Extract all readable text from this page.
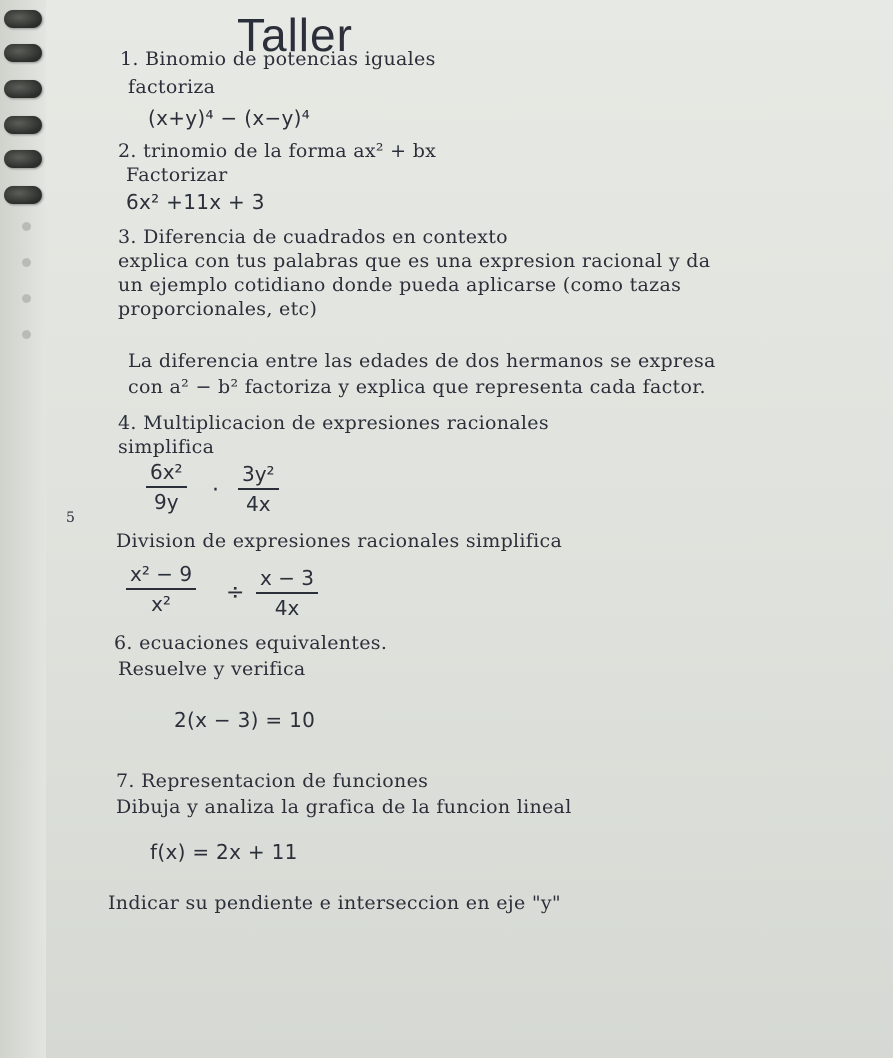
Taller
1. Binomio de potencias iguales
factoriza
(x+y)⁴ − (x−y)⁴
2. trinomio de la forma ax² + bx
Factorizar
6x² +11x + 3
3. Diferencia de cuadrados en contexto
explica con tus palabras que es una expresion racional y da
un ejemplo cotidiano donde pueda aplicarse (como tazas
proporcionales, etc)
La diferencia entre las edades de dos hermanos se expresa
con a² − b² factoriza y explica que representa cada factor.
4. Multiplicacion de expresiones racionales
simplifica
6x²
9y	·
3y²
4x
5
Division de expresiones racionales simplifica
x² − 9
x²	÷
x − 3
4x
6. ecuaciones equivalentes.
Resuelve y verifica
2(x − 3) = 10
7. Representacion de funciones
Dibuja y analiza la grafica de la funcion lineal
f(x) = 2x + 11
Indicar su pendiente e interseccion en eje "y"
